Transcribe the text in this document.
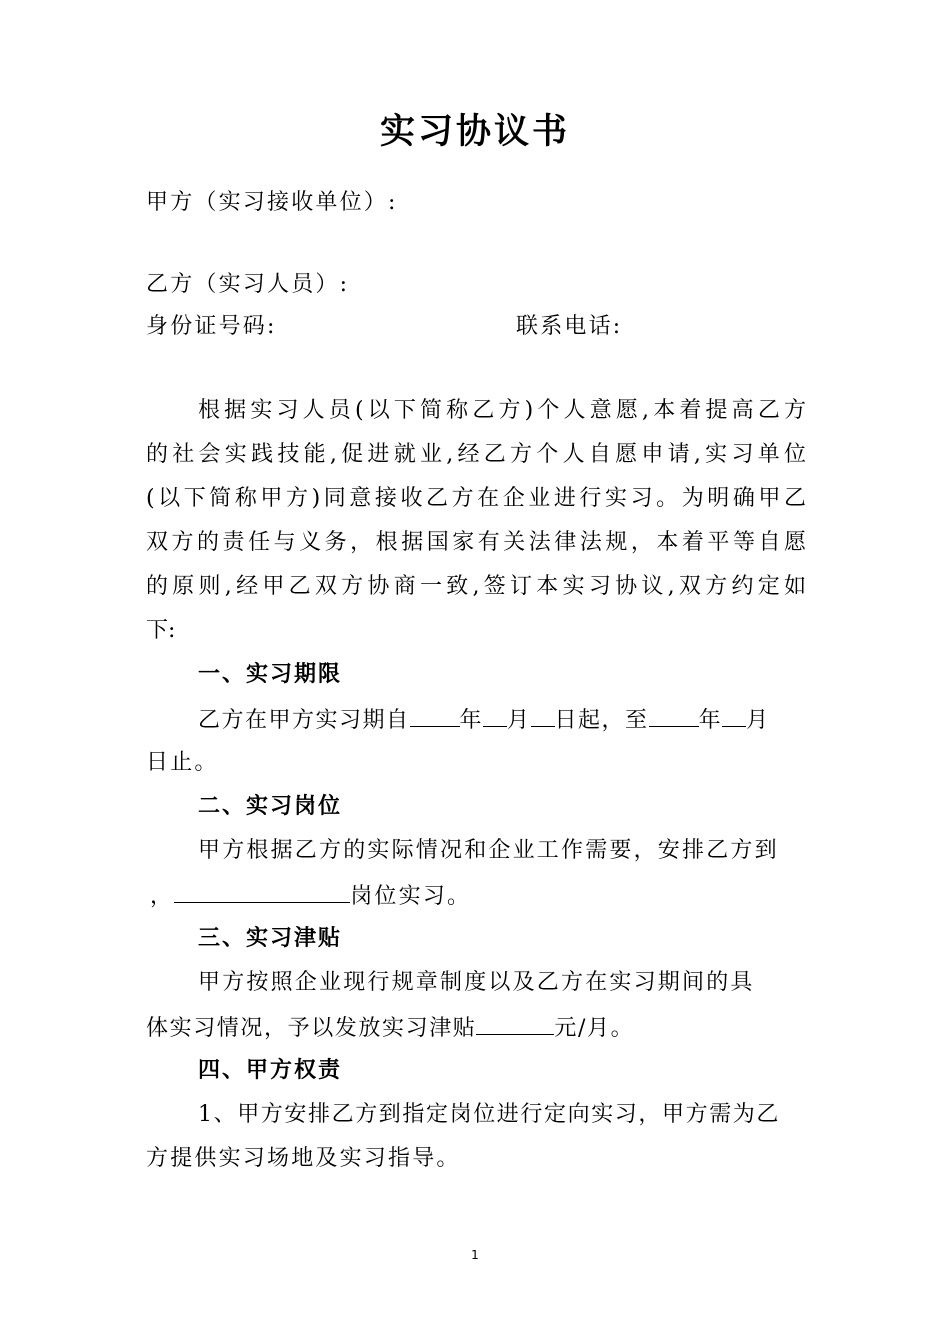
实习协议书
甲方（实习接收单位）:
乙方（实习人员）:
身份证号码:	联系电话:
根据实习人员(以下简称乙方)个人意愿,本着提高乙方
的社会实践技能,促进就业,经乙方个人自愿申请,实习单位
(以下简称甲方)同意接收乙方在企业进行实习。为明确甲乙
双方的责任与义务，根据国家有关法律法规，本着平等自愿
的原则,经甲乙双方协商一致,签订本实习协议,双方约定如
下:
一、实习期限
乙方在甲方实习期自 年 月 日起，至 年 月
日止。
二、实习岗位
甲方根据乙方的实际情况和企业工作需要，安排乙方到
，	岗位实习。
三、实习津贴
甲方按照企业现行规章制度以及乙方在实习期间的具
体实习情况，予以发放实习津贴	元/月。
四、甲方权责
1、甲方安排乙方到指定岗位进行定向实习，甲方需为乙
方提供实习场地及实习指导。
1
